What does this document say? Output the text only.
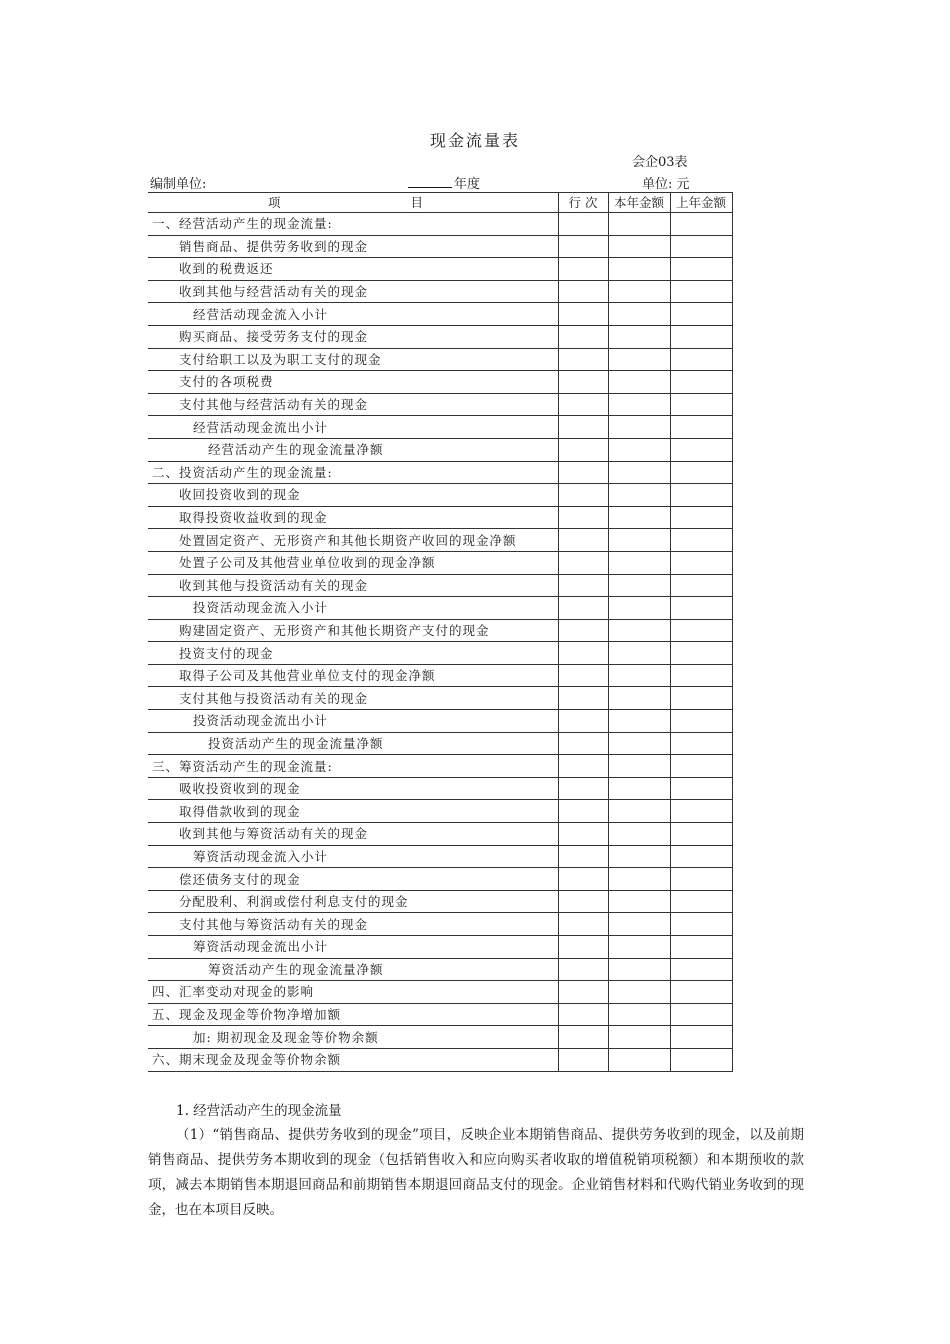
现金流量表
会企03表
编制单位:	年度	单位: 元
项 目	行 次	本年金额	上年金额
一、经营活动产生的现金流量:			
销售商品、提供劳务收到的现金			
收到的税费返还			
收到其他与经营活动有关的现金			
经营活动现金流入小计			
购买商品、接受劳务支付的现金			
支付给职工以及为职工支付的现金			
支付的各项税费			
支付其他与经营活动有关的现金			
经营活动现金流出小计			
经营活动产生的现金流量净额			
二、投资活动产生的现金流量:			
收回投资收到的现金			
取得投资收益收到的现金			
处置固定资产、无形资产和其他长期资产收回的现金净额			
处置子公司及其他营业单位收到的现金净额			
收到其他与投资活动有关的现金			
投资活动现金流入小计			
购建固定资产、无形资产和其他长期资产支付的现金			
投资支付的现金			
取得子公司及其他营业单位支付的现金净额			
支付其他与投资活动有关的现金			
投资活动现金流出小计			
投资活动产生的现金流量净额			
三、筹资活动产生的现金流量:			
吸收投资收到的现金			
取得借款收到的现金			
收到其他与筹资活动有关的现金			
筹资活动现金流入小计			
偿还债务支付的现金			
分配股利、利润或偿付利息支付的现金			
支付其他与筹资活动有关的现金			
筹资活动现金流出小计			
筹资活动产生的现金流量净额			
四、汇率变动对现金的影响			
五、现金及现金等价物净增加额			
加: 期初现金及现金等价物余额			
六、期末现金及现金等价物余额			
1. 经营活动产生的现金流量
（1）“销售商品、提供劳务收到的现金”项目，反映企业本期销售商品、提供劳务收到的现金，以及前期销售商品、提供劳务本期收到的现金（包括销售收入和应向购买者收取的增值税销项税额）和本期预收的款项，减去本期销售本期退回商品和前期销售本期退回商品支付的现金。企业销售材料和代购代销业务收到的现金，也在本项目反映。
